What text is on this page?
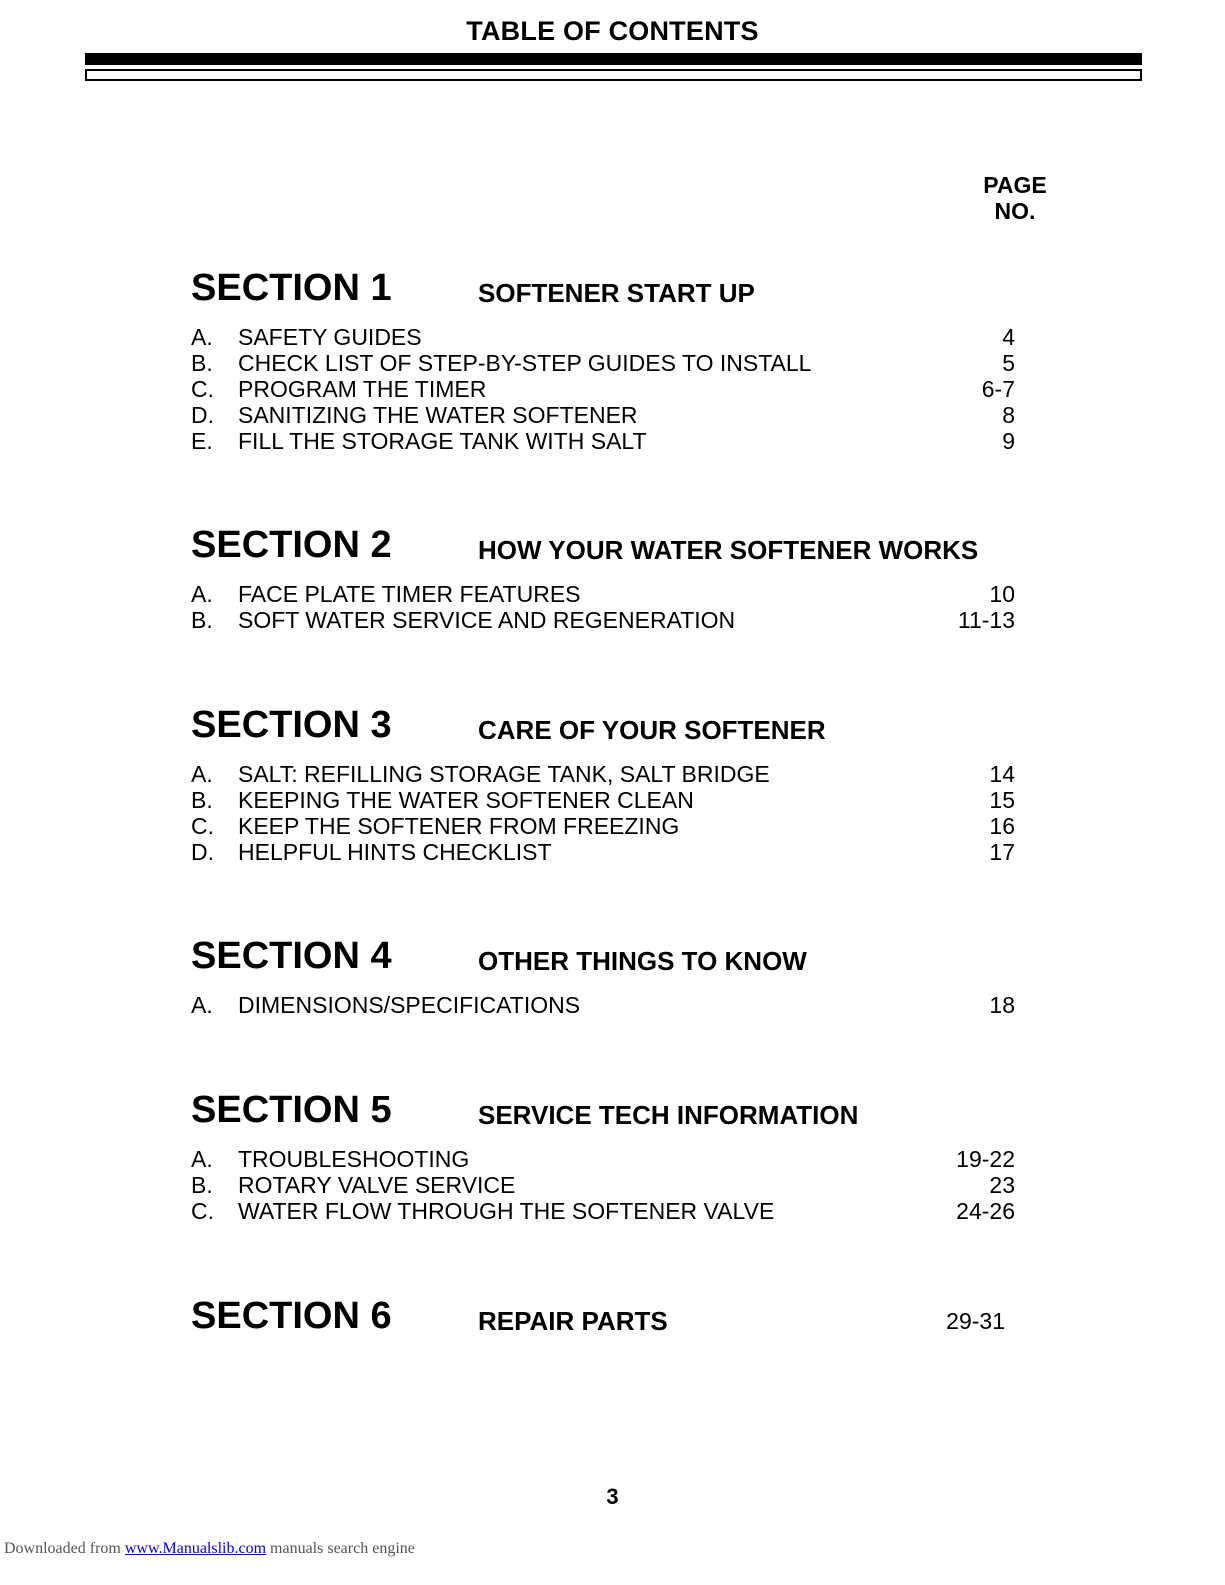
TABLE OF CONTENTS
PAGE
NO.
SECTION 1	SOFTENER START UP
A. SAFETY GUIDES	4
B. CHECK LIST OF STEP-BY-STEP GUIDES TO INSTALL	5
C. PROGRAM THE TIMER	6-7
D. SANITIZING THE WATER SOFTENER	8
E. FILL THE STORAGE TANK WITH SALT	9
SECTION 2	HOW YOUR WATER SOFTENER WORKS
A. FACE PLATE TIMER FEATURES	10
B. SOFT WATER SERVICE AND REGENERATION	11-13
SECTION 3	CARE OF YOUR SOFTENER
A. SALT: REFILLING STORAGE TANK, SALT BRIDGE	14
B. KEEPING THE WATER SOFTENER CLEAN	15
C. KEEP THE SOFTENER FROM FREEZING	16
D. HELPFUL HINTS CHECKLIST	17
SECTION 4	OTHER THINGS TO KNOW
A. DIMENSIONS/SPECIFICATIONS	18
SECTION 5	SERVICE TECH INFORMATION
A. TROUBLESHOOTING	19-22
B. ROTARY VALVE SERVICE	23
C. WATER FLOW THROUGH THE SOFTENER VALVE	24-26
SECTION 6	REPAIR PARTS	29-31
3
Downloaded from www.Manualslib.com manuals search engine
